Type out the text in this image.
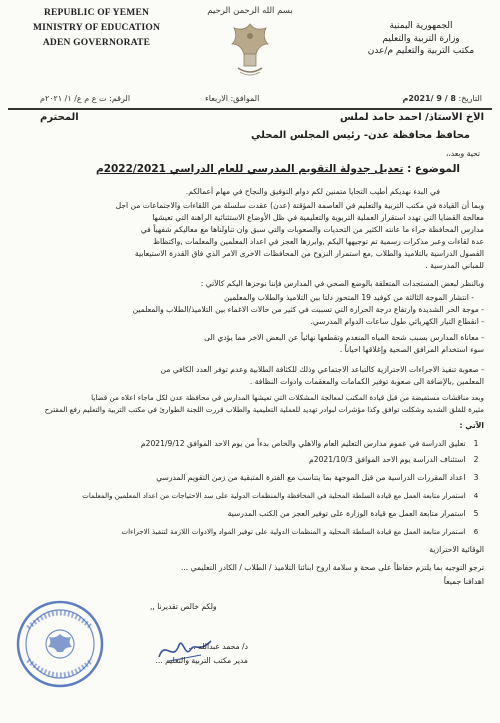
REPUBLIC OF YEMEN
MINISTRY OF EDUCATION
ADEN GOVERNORATE
بسم الله الرحمن الرحيم
الجمهورية اليمنية
وزارة التربية والتعليم
مكتب التربية والتعليم م/عدن
التاريخ: 8 / 9 /2021م
الموافق: الاربعاء
الرقم: ت ع م ع/ ۱/ ۲۰۲۱م
الأخ الأستاذ/ احمد حامد لملس
المحترم
محافظ محافظة عدن- رئيس المجلس المحلي
تحية وبعد،،
الموضوع : تعديل جدولة التقويم المدرسي للعام الدراسي 2022/2021م
في البدء نهديكم أطيب التحايا متمنين لكم دوام التوفيق والنجاح في مهام أعمالكم.
وبما أن القيادة في مكتب التربية والتعليم في العاصمة المؤقتة (عدن) عقدت سلسلة من اللقاءات والاجتماعات من اجل
معالجة القضايا التي تهدد استقرار العملية التربوية والتعليمية في ظل الأوضاع الاستثنائية الراهنة التي تعيشها
مدارس المحافظة جراء ما عانته الكثير من التحديات والصعوبات والتي سبق وان تناولناها مع معاليكم شفهياً في
عدة لقاءات وعبر مذكرات رسمية تم توجيهها اليكم ,وابرزها العجز في اعداد المعلمين والمعلمات ,واكتظاظ
الفصول الدراسية بالتلاميذ والطلاب ,مع استمرار النزوح من المحافظات الاخرى الامر الذي فاق القدرة الاستيعابية
للمباني المدرسية .
وبالنظر لبعض المستجدات المتعلقة بالوضع الصحي في المدارس فإننا نوجزها اليكم كالآتي :
- انتشار الموجة الثالثة من كوفيد 19 المتحور دلتا بين التلاميذ والطلاب والمعلمين
- موجة الحر الشديدة وارتفاع درجة الحرارة التي تسببت في كثير من حالات الاغماء بين التلاميذ/الطلاب والمعلمين
- انقطاع التيار الكهربائي طول ساعات الدوام المدرسي.
- معاناة المدارس بسبب شحة المياه المنعدم وتقطعها نهائياً عن البعض الاخر مما يؤدي الى
سوء استخدام المرافق الصحية وإغلاقها احياناً .
- صعوبة تنفيذ الاجراءات الاحترازية كالتباعد الاجتماعي وذلك للكثافة الطلابية وعدم توفر العدد الكافي من
المعلمين ,بالإضافة الى صعوبة توفير الكمامات والمعقمات وادوات النظافة .
وبعد مناقشات مستفيضة من قبل قيادة المكتب لمعالجة المشكلات التي تعيشها المدارس في محافظة عدن لكل ماجاء اعلاه من قضايا
مثيرة للقلق الشديد وشكلت توافق وكذا مؤشرات لبوادر تهديد للعملية التعليمية والطلاب قررت اللجنة الطوارئ في مكتب التربية والتعليم رفع المقترح
الآتي :
1 تعليق الدراسة في عموم مدارس التعليم العام والاهلي والخاص بدءاً من يوم الاحد الموافق 2021/9/12م
2 استئناف الدراسة يوم الاحد الموافق 2021/10/3م
3 اعداد المقررات الدراسية من قبل الموجهة بما يتناسب مع الفترة المتبقية من زمن التقويم المدرسي
4 استمرار متابعة العمل مع قيادة السلطة المحلية في المحافظة والمنظمات الدولية على سد الاحتياجات من اعداد المعلمين والمعلمات
5 استمرار متابعة العمل مع قيادة الوزارة على توفير العجز من الكتب المدرسية
6 استمرار متابعة العمل مع قيادة السلطة المحلية و المنظمات الدولية على توفير المواد والادوات اللازمة لتنفيذ الاجراءات
الوقائية الاحترازية
ترجو التوجيه بما يلتزم حفاظاً على صحة و سلامة اروح ابنائنا التلاميذ / الطلاب / الكادر التعليمي ...
اهدافنا جميعاً
ولكم خالص تقديرنا ,,
د/ محمد عبدالله ...
مدير مكتب التربية والتعليم ...
